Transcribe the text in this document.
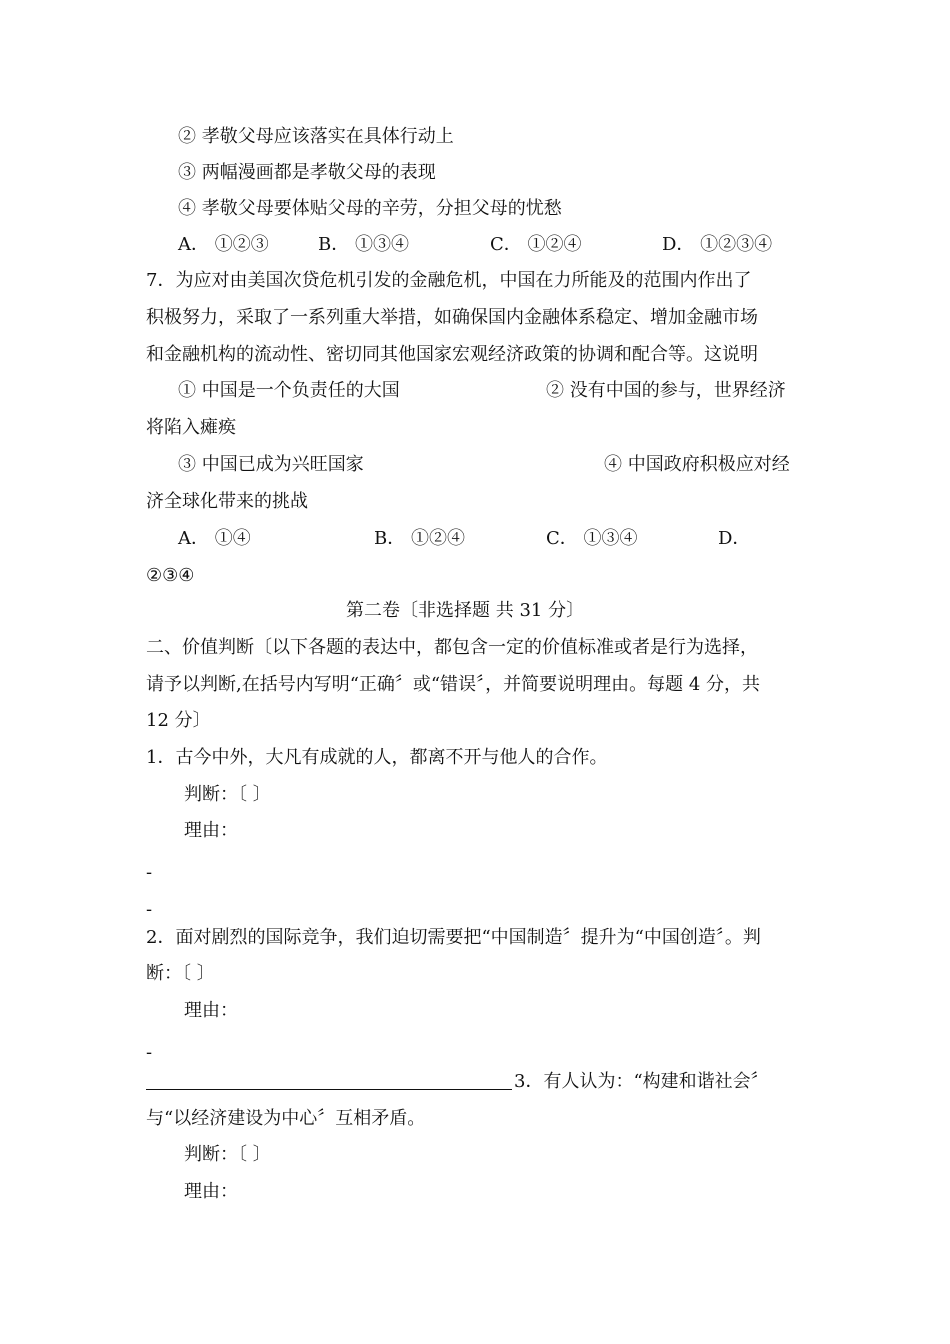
② 孝敬父母应该落实在具体行动上
③ 两幅漫画都是孝敬父母的表现
④ 孝敬父母要体贴父母的辛劳，分担父母的忧愁
A． ①②③	B． ①③④	C． ①②④	D． ①②③④
7．为应对由美国次贷危机引发的金融危机，中国在力所能及的范围内作出了
积极努力，采取了一系列重大举措，如确保国内金融体系稳定、增加金融市场
和金融机构的流动性、密切同其他国家宏观经济政策的协调和配合等。这说明
① 中国是一个负责任的大国	② 没有中国的参与，世界经济
将陷入瘫痪
③ 中国已成为兴旺国家	④ 中国政府积极应对经
济全球化带来的挑战
A． ①④	B． ①②④	C． ①③④	D．
②③④
第二卷〔非选择题 共 31 分〕
二、价值判断〔以下各题的表达中，都包含一定的价值标准或者是行为选择，
请予以判断,在括号内写明“正确〞或“错误〞，并简要说明理由。每题 4 分，共
12 分〕
1．古今中外，大凡有成就的人，都离不开与他人的合作。
判断：〔 〕
理由：
-
-
2．面对剧烈的国际竞争，我们迫切需要把“中国制造〞提升为“中国创造〞。判
断：〔 〕
理由：
-
3．有人认为：“构建和谐社会〞
与“以经济建设为中心〞互相矛盾。
判断：〔 〕
理由：
